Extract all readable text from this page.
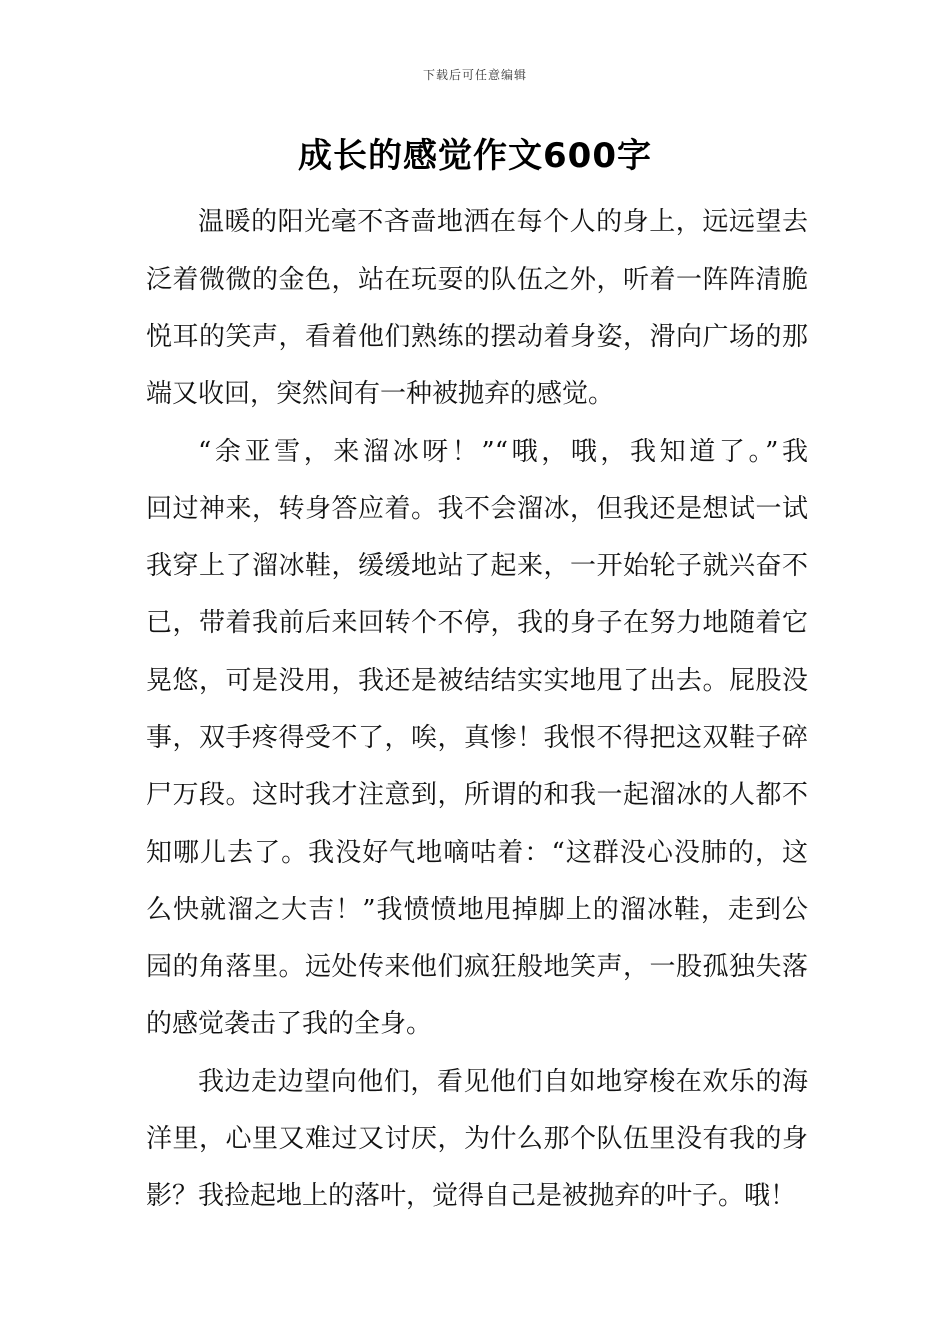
下载后可任意编辑
成长的感觉作文600字
温暖的阳光毫不吝啬地洒在每个人的身上，远远望去
泛着微微的金色，站在玩耍的队伍之外，听着一阵阵清脆
悦耳的笑声，看着他们熟练的摆动着身姿，滑向广场的那
端又收回，突然间有一种被抛弃的感觉。
“余亚雪，来溜冰呀！”“哦，哦，我知道了。”我
回过神来，转身答应着。我不会溜冰，但我还是想试一试
我穿上了溜冰鞋，缓缓地站了起来，一开始轮子就兴奋不
已，带着我前后来回转个不停，我的身子在努力地随着它
晃悠，可是没用，我还是被结结实实地甩了出去。屁股没
事，双手疼得受不了，唉，真惨！我恨不得把这双鞋子碎
尸万段。这时我才注意到，所谓的和我一起溜冰的人都不
知哪儿去了。我没好气地嘀咕着：“这群没心没肺的，这
么快就溜之大吉！”我愤愤地甩掉脚上的溜冰鞋，走到公
园的角落里。远处传来他们疯狂般地笑声，一股孤独失落
的感觉袭击了我的全身。
我边走边望向他们，看见他们自如地穿梭在欢乐的海
洋里，心里又难过又讨厌，为什么那个队伍里没有我的身
影？我捡起地上的落叶，觉得自己是被抛弃的叶子。哦！
